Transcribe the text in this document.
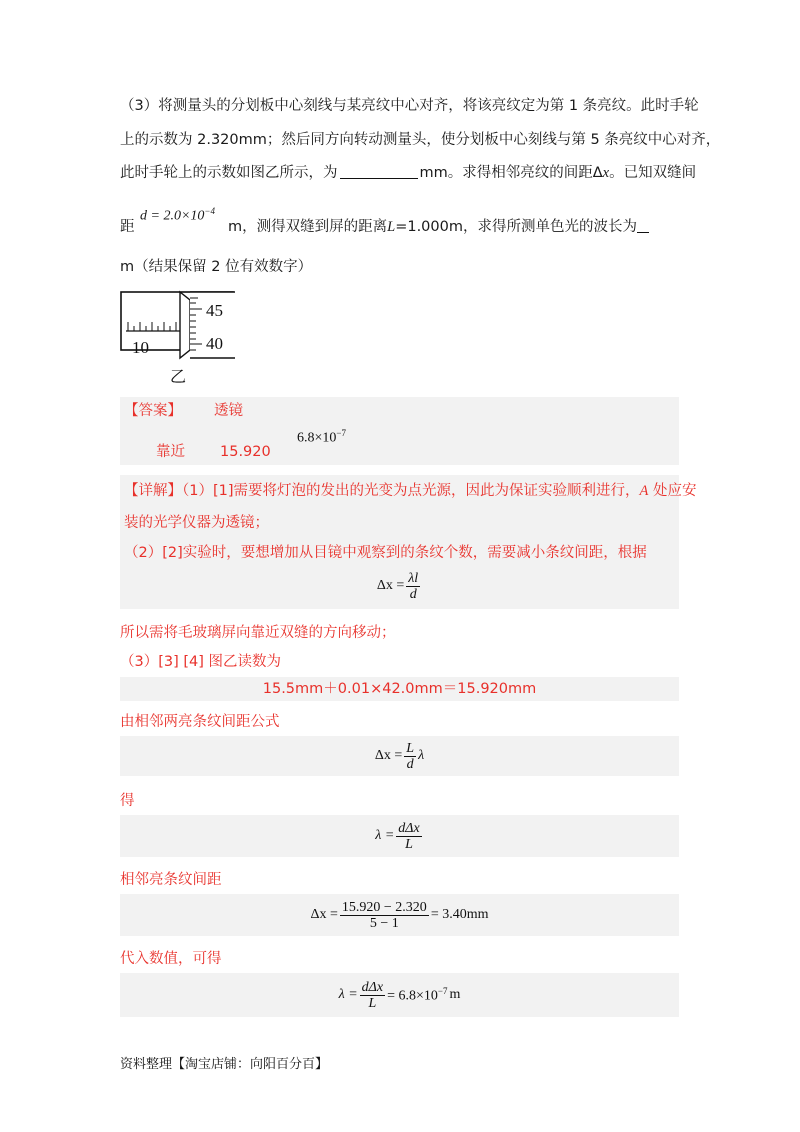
（3）将测量头的分划板中心刻线与某亮纹中心对齐，将该亮纹定为第 1 条亮纹。此时手轮
上的示数为 2.320mm；然后同方向转动测量头，使分划板中心刻线与第 5 条亮纹中心对齐，
此时手轮上的示数如图乙所示，为	mm。求得相邻亮纹的间距Δx。已知双缝间
$d = 2.0\times 10^{-4}$
距	m，测得双缝到屏的距离L=1.000m，求得所测单色光的波长为
m（结果保留 2 位有效数字）
45
40
10
乙
【答案】 透镜
靠近 15.920
$6.8\times 10^{-7}$
【详解】（1）[1]需要将灯泡的发出的光变为点光源，因此为保证实验顺利进行，A 处应安
装的光学仪器为透镜；
（2）[2]实验时，要想增加从目镜中观察到的条纹个数，需要减小条纹间距，根据
$\Delta x = \frac{\lambda l}{d}$
所以需将毛玻璃屏向靠近双缝的方向移动；
（3）[3] [4] 图乙读数为
15.5mm＋0.01×42.0mm＝15.920mm
由相邻两亮条纹间距公式
$\Delta x = \frac{L}{d}$ λ
得
$\lambda = \frac{\text{dΔx}}{L}$
相邻亮条纹间距
$\Delta x = \frac{15.920 - 2.320}{5 - 1} = 3.40mm$
代入数值，可得
$\lambda = \frac{\text{dΔx}}{L} = 6.8\times 10^{-7}$ m
资料整理【淘宝店铺：向阳百分百】
